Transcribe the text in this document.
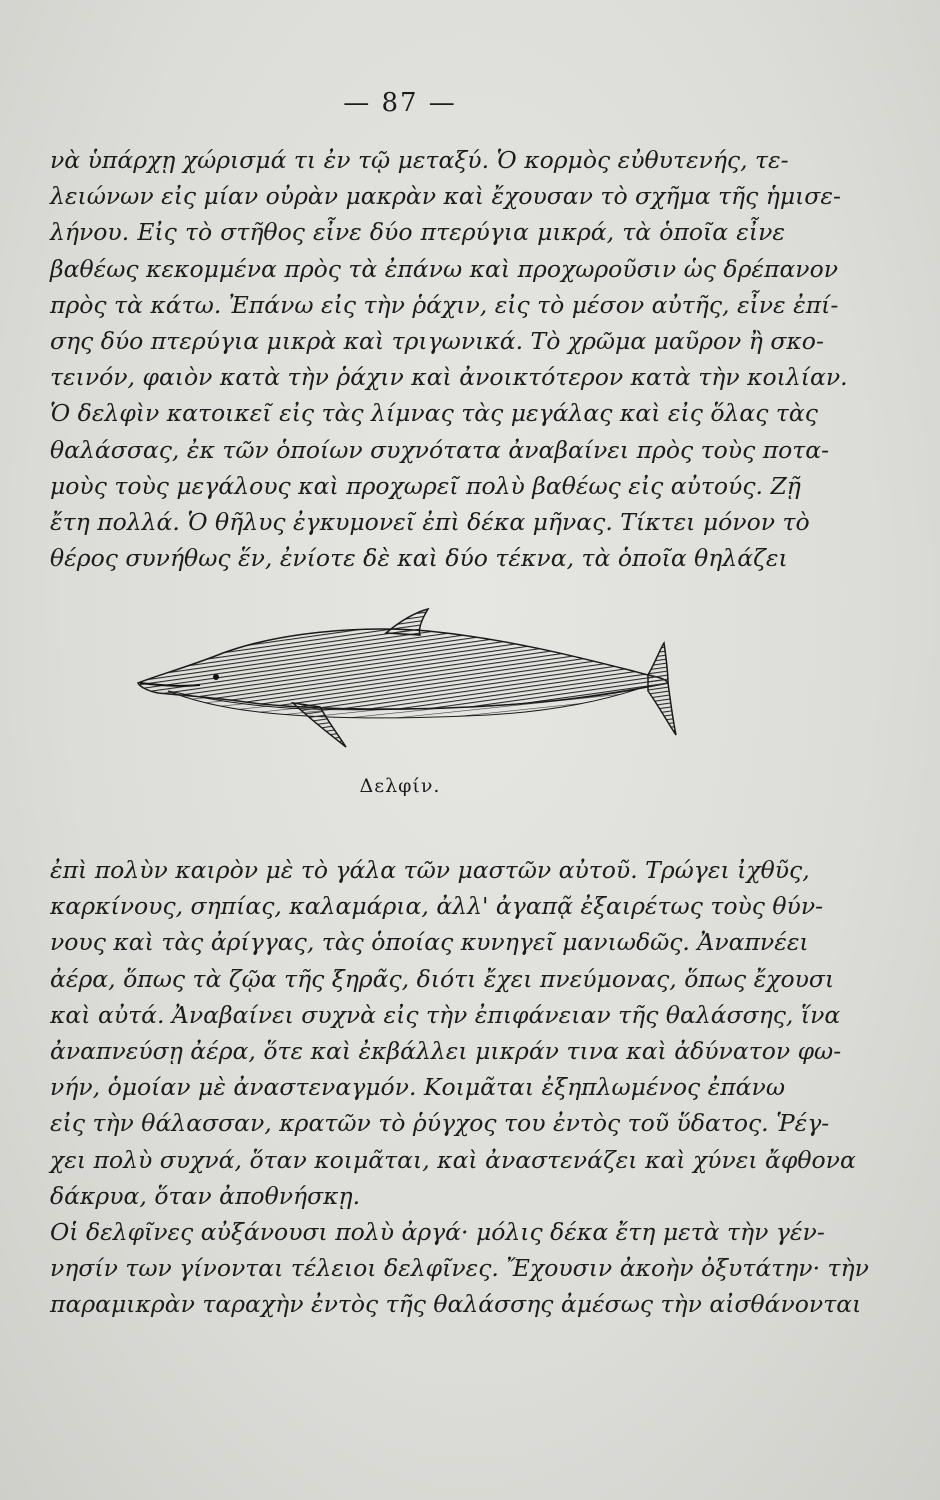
— 87 —
νὰ ὑπάρχῃ χώρισμά τι ἐν τῷ μεταξύ. Ὁ κορμὸς εὐθυτενής, τε-
λειώνων εἰς μίαν οὐρὰν μακρὰν καὶ ἔχουσαν τὸ σχῆμα τῆς ἡμισε-
λήνου. Εἰς τὸ στῆθος εἶνε δύο πτερύγια μικρά, τὰ ὁποῖα εἶνε
βαθέως κεκομμένα πρὸς τὰ ἐπάνω καὶ προχωροῦσιν ὡς δρέπανον
πρὸς τὰ κάτω. Ἐπάνω εἰς τὴν ῥάχιν, εἰς τὸ μέσον αὐτῆς, εἶνε ἐπί-
σης δύο πτερύγια μικρὰ καὶ τριγωνικά. Τὸ χρῶμα μαῦρον ἢ σκο-
τεινόν, φαιὸν κατὰ τὴν ῥάχιν καὶ ἀνοικτότερον κατὰ τὴν κοιλίαν.
Ὁ δελφὶν κατοικεῖ εἰς τὰς λίμνας τὰς μεγάλας καὶ εἰς ὅλας τὰς
θαλάσσας, ἐκ τῶν ὁποίων συχνότατα ἀναβαίνει πρὸς τοὺς ποτα-
μοὺς τοὺς μεγάλους καὶ προχωρεῖ πολὺ βαθέως εἰς αὐτούς. Ζῇ
ἔτη πολλά. Ὁ θῆλυς ἐγκυμονεῖ ἐπὶ δέκα μῆνας. Τίκτει μόνον τὸ
θέρος συνήθως ἕν, ἐνίοτε δὲ καὶ δύο τέκνα, τὰ ὁποῖα θηλάζει
Δελφίν.
ἐπὶ πολὺν καιρὸν μὲ τὸ γάλα τῶν μαστῶν αὐτοῦ. Τρώγει ἰχθῦς,
καρκίνους, σηπίας, καλαμάρια, ἀλλ' ἀγαπᾷ ἐξαιρέτως τοὺς θύν-
νους καὶ τὰς ἀρίγγας, τὰς ὁποίας κυνηγεῖ μανιωδῶς. Ἀναπνέει
ἀέρα, ὅπως τὰ ζῷα τῆς ξηρᾶς, διότι ἔχει πνεύμονας, ὅπως ἔχουσι
καὶ αὐτά. Ἀναβαίνει συχνὰ εἰς τὴν ἐπιφάνειαν τῆς θαλάσσης, ἵνα
ἀναπνεύσῃ ἀέρα, ὅτε καὶ ἐκβάλλει μικράν τινα καὶ ἀδύνατον φω-
νήν, ὁμοίαν μὲ ἀναστεναγμόν. Κοιμᾶται ἐξηπλωμένος ἐπάνω
εἰς τὴν θάλασσαν, κρατῶν τὸ ῥύγχος του ἐντὸς τοῦ ὕδατος. Ῥέγ-
χει πολὺ συχνά, ὅταν κοιμᾶται, καὶ ἀναστενάζει καὶ χύνει ἄφθονα
δάκρυα, ὅταν ἀποθνήσκῃ.
Οἱ δελφῖνες αὐξάνουσι πολὺ ἀργά· μόλις δέκα ἔτη μετὰ τὴν γέν-
νησίν των γίνονται τέλειοι δελφῖνες. Ἔχουσιν ἀκοὴν ὀξυτάτην· τὴν
παραμικρὰν ταραχὴν ἐντὸς τῆς θαλάσσης ἀμέσως τὴν αἰσθάνονται
